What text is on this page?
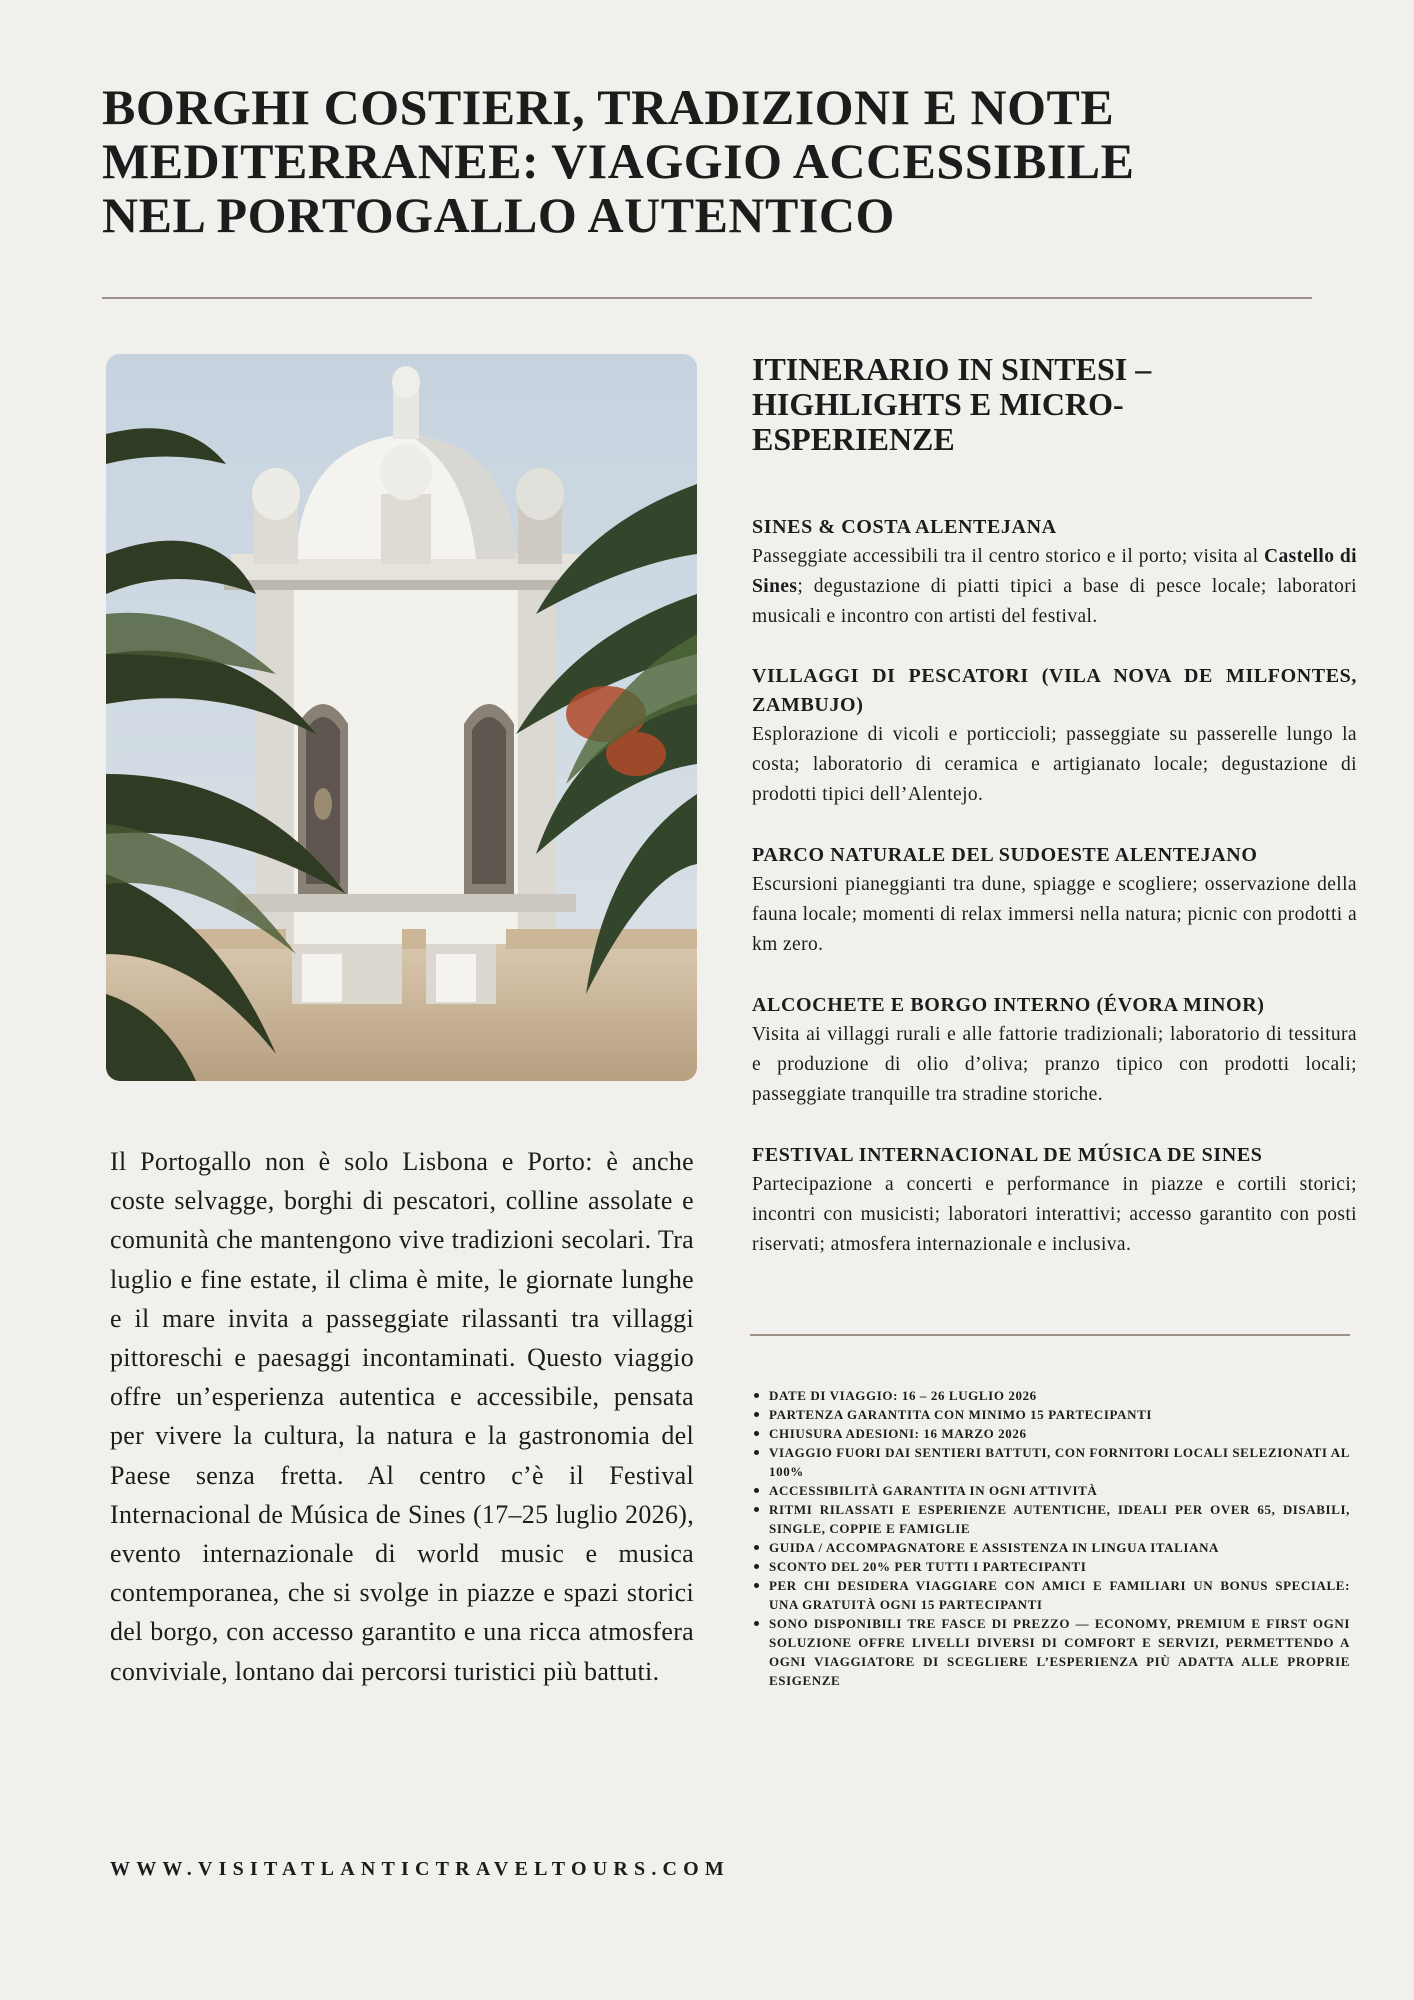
BORGHI COSTIERI, TRADIZIONI E NOTE
MEDITERRANEE: VIAGGIO ACCESSIBILE
NEL PORTOGALLO AUTENTICO

Il Portogallo non è solo Lisbona e Porto: è anche coste selvagge, borghi di pescatori, colline assolate e comunità che mantengono vive tradizioni secolari. Tra luglio e fine estate, il clima è mite, le giornate lunghe e il mare invita a passeggiate rilassanti tra villaggi pittoreschi e paesaggi incontaminati. Questo viaggio offre un’esperienza autentica e accessibile, pensata per vivere la cultura, la natura e la gastronomia del Paese senza fretta. Al centro c’è il Festival Internacional de Música de Sines (17–25 luglio 2026), evento internazionale di world music e musica contemporanea, che si svolge in piazze e spazi storici del borgo, con accesso garantito e una ricca atmosfera conviviale, lontano dai percorsi turistici più battuti.

WWW.VISITATLANTICTRAVELTOURS.COM

ITINERARIO IN SINTESI – HIGHLIGHTS E MICRO-ESPERIENZE
SINES & COSTA ALENTEJANA

Passeggiate accessibili tra il centro storico e il porto; visita al Castello di Sines; degustazione di piatti tipici a base di pesce locale; laboratori musicali e incontro con artisti del festival.

VILLAGGI DI PESCATORI (VILA NOVA DE MILFONTES, ZAMBUJO)

Esplorazione di vicoli e porticcioli; passeggiate su passerelle lungo la costa; laboratorio di ceramica e artigianato locale; degustazione di prodotti tipici dell’Alentejo.

PARCO NATURALE DEL SUDOESTE ALENTEJANO

Escursioni pianeggianti tra dune, spiagge e scogliere; osservazione della fauna locale; momenti di relax immersi nella natura; picnic con prodotti a km zero.

ALCOCHETE E BORGO INTERNO (ÉVORA MINOR)

Visita ai villaggi rurali e alle fattorie tradizionali; laboratorio di tessitura e produzione di olio d’oliva; pranzo tipico con prodotti locali; passeggiate tranquille tra stradine storiche.

FESTIVAL INTERNACIONAL DE MÚSICA DE SINES

Partecipazione a concerti e performance in piazze e cortili storici; incontri con musicisti; laboratori interattivi; accesso garantito con posti riservati; atmosfera internazionale e inclusiva.

DATE DI VIAGGIO: 16 – 26 LUGLIO 2026
PARTENZA GARANTITA CON MINIMO 15 PARTECIPANTI
CHIUSURA ADESIONI: 16 MARZO 2026
VIAGGIO FUORI DAI SENTIERI BATTUTI, CON FORNITORI LOCALI SELEZIONATI AL 100%
ACCESSIBILITÀ GARANTITA IN OGNI ATTIVITÀ
RITMI RILASSATI E ESPERIENZE AUTENTICHE, IDEALI PER OVER 65, DISABILI, SINGLE, COPPIE E FAMIGLIE
GUIDA / ACCOMPAGNATORE E ASSISTENZA IN LINGUA ITALIANA
SCONTO DEL 20% PER TUTTI I PARTECIPANTI
PER CHI DESIDERA VIAGGIARE CON AMICI E FAMILIARI UN BONUS SPECIALE: UNA GRATUITÀ OGNI 15 PARTECIPANTI
SONO DISPONIBILI TRE FASCE DI PREZZO — ECONOMY, PREMIUM E FIRST OGNI SOLUZIONE OFFRE LIVELLI DIVERSI DI COMFORT E SERVIZI, PERMETTENDO A OGNI VIAGGIATORE DI SCEGLIERE L’ESPERIENZA PIÙ ADATTA ALLE PROPRIE ESIGENZE
